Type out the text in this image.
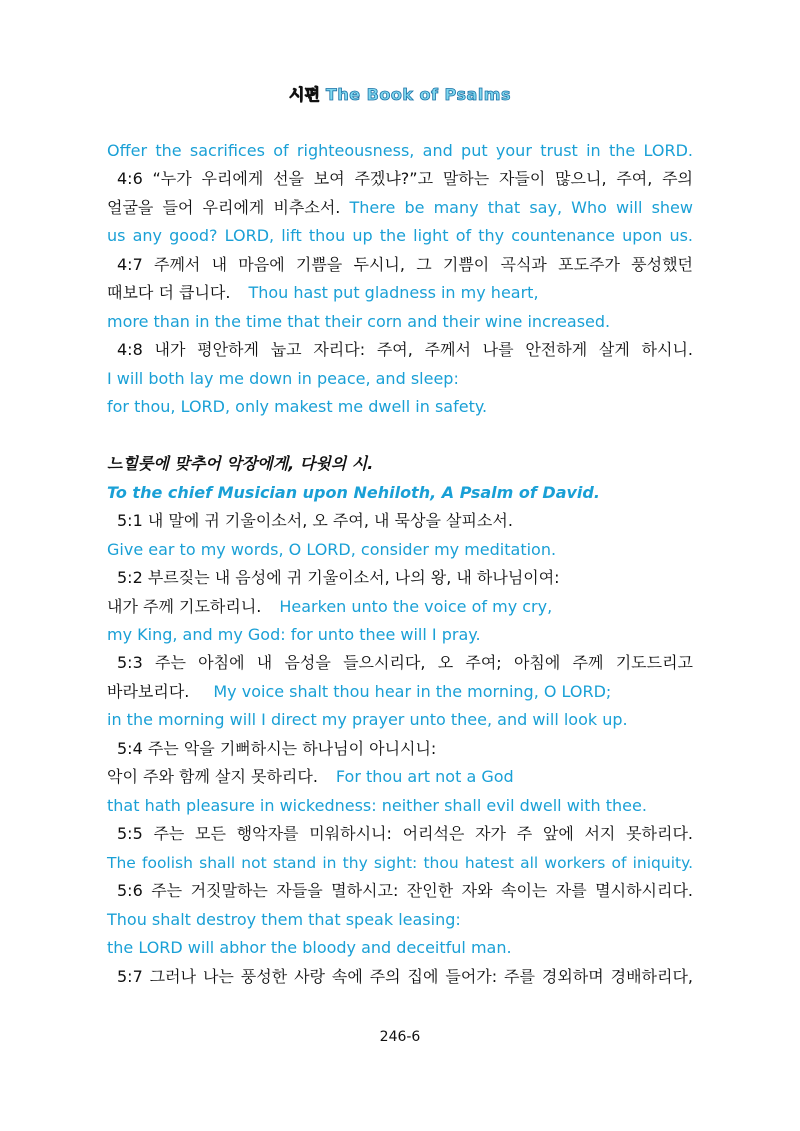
시편 The Book of Psalms
Offer the sacrifices of righteousness, and put your trust in the LORD.
4:6 “누가 우리에게 선을 보여 주겠냐?”고 말하는 자들이 많으니, 주여, 주의
얼굴을 들어 우리에게 비추소서. There be many that say, Who will shew
us any good? LORD, lift thou up the light of thy countenance upon us.
4:7 주께서 내 마음에 기쁨을 두시니, 그 기쁨이 곡식과 포도주가 풍성했던
때보다 더 큽니다. Thou hast put gladness in my heart,
more than in the time that their corn and their wine increased.
4:8 내가 평안하게 눕고 자리다: 주여, 주께서 나를 안전하게 살게 하시니.
I will both lay me down in peace, and sleep:
for thou, LORD, only makest me dwell in safety.
느힐룻에 맞추어 악장에게, 다윗의 시.
To the chief Musician upon Nehiloth, A Psalm of David.
5:1 내 말에 귀 기울이소서, 오 주여, 내 묵상을 살피소서.
Give ear to my words, O LORD, consider my meditation.
5:2 부르짖는 내 음성에 귀 기울이소서, 나의 왕, 내 하나님이여:
내가 주께 기도하리니. Hearken unto the voice of my cry,
my King, and my God: for unto thee will I pray.
5:3 주는 아침에 내 음성을 들으시리다, 오 주여; 아침에 주께 기도드리고
바라보리다. My voice shalt thou hear in the morning, O LORD;
in the morning will I direct my prayer unto thee, and will look up.
5:4 주는 악을 기뻐하시는 하나님이 아니시니:
악이 주와 함께 살지 못하리다. For thou art not a God
that hath pleasure in wickedness: neither shall evil dwell with thee.
5:5 주는 모든 행악자를 미워하시니: 어리석은 자가 주 앞에 서지 못하리다.
The foolish shall not stand in thy sight: thou hatest all workers of iniquity.
5:6 주는 거짓말하는 자들을 멸하시고: 잔인한 자와 속이는 자를 멸시하시리다.
Thou shalt destroy them that speak leasing:
the LORD will abhor the bloody and deceitful man.
5:7 그러나 나는 풍성한 사랑 속에 주의 집에 들어가: 주를 경외하며 경배하리다,
246-6
